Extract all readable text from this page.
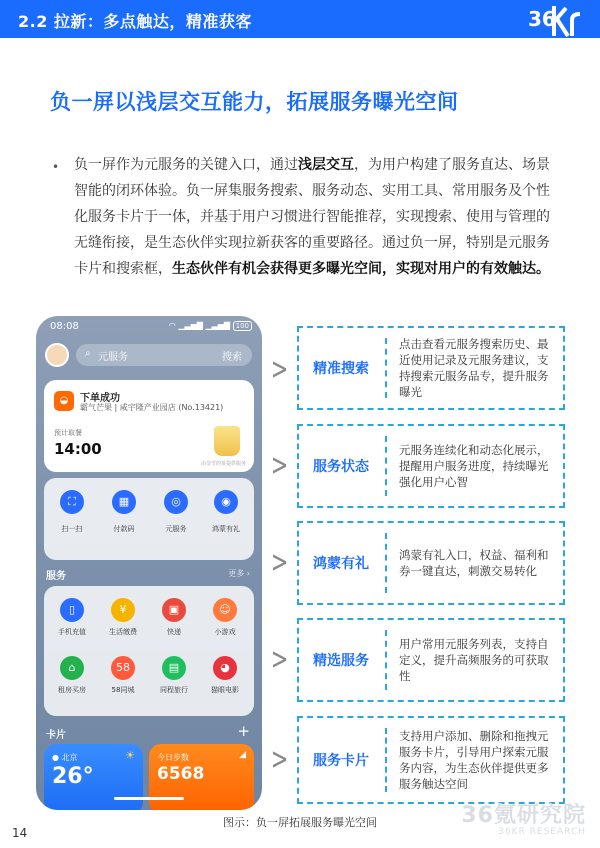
2.2 拉新：多点触达，精准获客	36
负一屏以浅层交互能力，拓展服务曝光空间
• 负一屏作为元服务的关键入口，通过浅层交互，为用户构建了服务直达、场景智能的闭环体验。负一屏集服务搜索、服务动态、实用工具、常用服务及个性化服务卡片于一体，并基于用户习惯进行智能推荐，实现搜索、使用与管理的无缝衔接，是生态伙伴实现拉新获客的重要路径。通过负一屏，特别是元服务卡片和搜索框，生态伙伴有机会获得更多曝光空间，实现对用户的有效触达。
08:08	◠ ▁▃▅▇ ▁▃▅▇ 100
⌕ 元服务	搜索
◒	下单成功
霸气芒果 | 咸宇隆产业园店 (No.13421)
预计取餐
14:00
由奈雪的茶提供服务
⛶
扫一扫
▦
付款码
◎
元服务
◉
鸿蒙有礼
服务	更多 ›
▯
手机充值
¥
生活缴费
▣
快递
☺
小游戏
⌂
租房买房
58
58同城
▤
同程旅行
◕
猫眼电影
卡片	+
● 北京
26°
☀	今日步数
6568
◢
>	精准搜索
点击查看元服务搜索历史、最近使用记录及元服务建议，支持搜索元服务品专，提升服务曝光
>	服务状态
元服务连续化和动态化展示，提醒用户服务进度，持续曝光强化用户心智
>	鸿蒙有礼
鸿蒙有礼入口，权益、福利和券一键直达，刺激交易转化
>	精选服务
用户常用元服务列表，支持自定义，提升高频服务的可获取性
>	服务卡片
支持用户添加、删除和拖拽元服务卡片，引导用户探索元服务内容，为生态伙伴提供更多服务触达空间
36氪研究院
36KR RESEARCH
图示：负一屏拓展服务曝光空间
14
